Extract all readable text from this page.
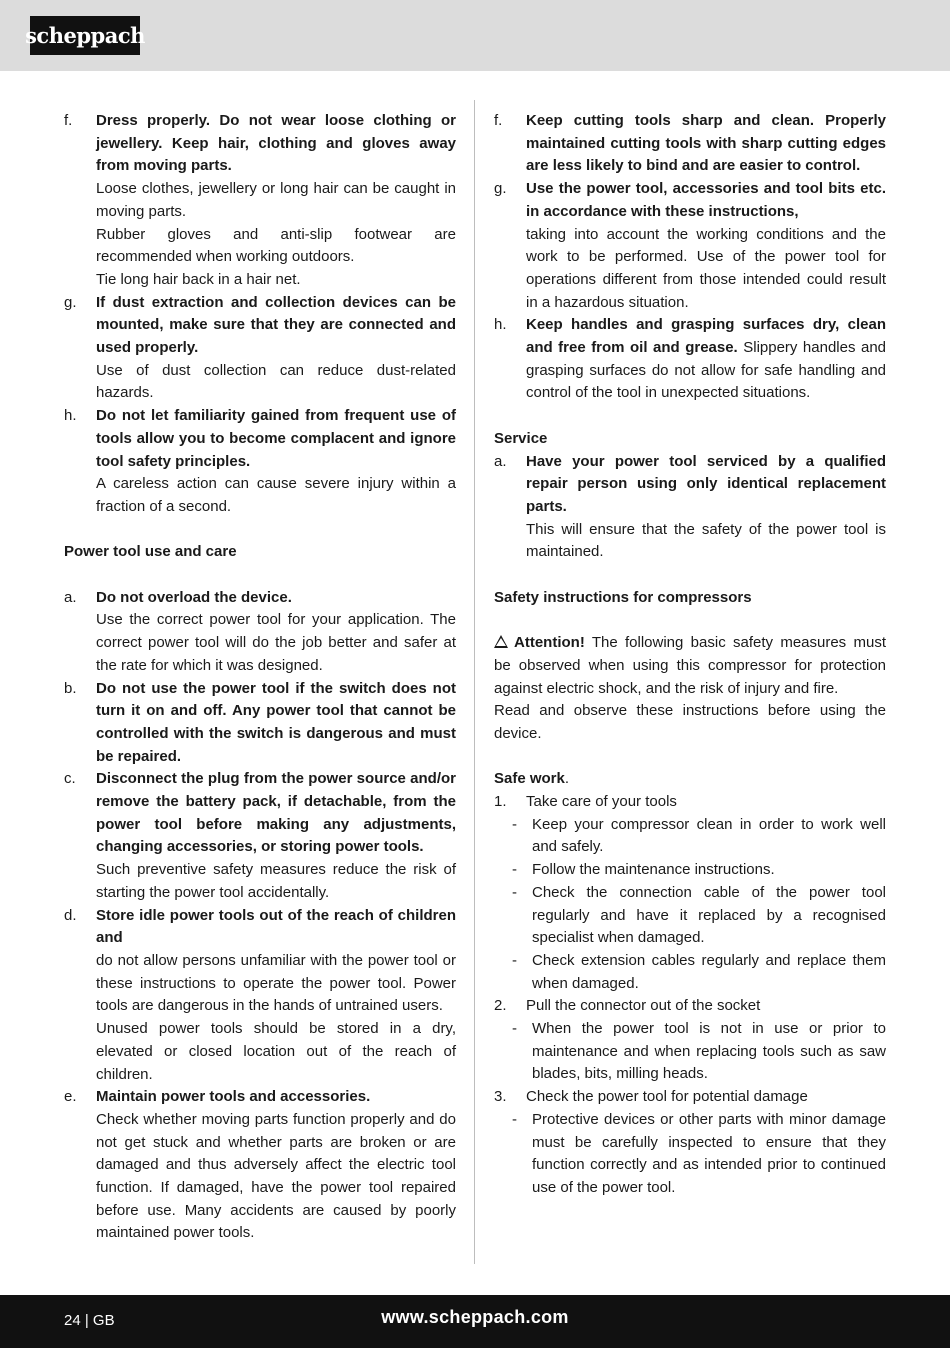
scheppach
f.	Dress properly. Do not wear loose clothing or jewellery. Keep hair, clothing and gloves away from moving parts.

Loose clothes, jewellery or long hair can be caught in moving parts.

Rubber gloves and anti-slip footwear are recommended when working outdoors.

Tie long hair back in a hair net.

g.	If dust extraction and collection devices can be mounted, make sure that they are connected and used properly.

Use of dust collection can reduce dust-related hazards.

h.	Do not let familiarity gained from frequent use of tools allow you to become complacent and ignore tool safety principles.

A careless action can cause severe injury within a fraction of a second.

Power tool use and care

a.	Do not overload the device.

Use the correct power tool for your application. The correct power tool will do the job better and safer at the rate for which it was designed.

b.	Do not use the power tool if the switch does not turn it on and off. Any power tool that cannot be controlled with the switch is dangerous and must be repaired.

c.	Disconnect the plug from the power source and/or remove the battery pack, if detachable, from the power tool before making any adjustments, changing accessories, or storing power tools.

Such preventive safety measures reduce the risk of starting the power tool accidentally.

d.	Store idle power tools out of the reach of children and

do not allow persons unfamiliar with the power tool or these instructions to operate the power tool. Power tools are dangerous in the hands of untrained users.

Unused power tools should be stored in a dry, elevated or closed location out of the reach of children.

e.	Maintain power tools and accessories.

Check whether moving parts function properly and do not get stuck and whether parts are broken or are damaged and thus adversely affect the electric tool function. If damaged, have the power tool repaired before use. Many accidents are caused by poorly maintained power tools.

f.	Keep cutting tools sharp and clean. Properly maintained cutting tools with sharp cutting edges are less likely to bind and are easier to control.

g.	Use the power tool, accessories and tool bits etc. in accordance with these instructions,

taking into account the working conditions and the work to be performed. Use of the power tool for operations different from those intended could result in a hazardous situation.

h.	Keep handles and grasping surfaces dry, clean and free from oil and grease. Slippery handles and grasping surfaces do not allow for safe handling and control of the tool in unexpected situations.

Service

a.	Have your power tool serviced by a qualified repair person using only identical replacement parts.

This will ensure that the safety of the power tool is maintained.

Safety instructions for compressors

Attention! The following basic safety measures must be observed when using this compressor for protection against electric shock, and the risk of injury and fire.

Read and observe these instructions before using the device.

Safe work.

1.	Take care of your tools

-	Keep your compressor clean in order to work well and safely.

-	Follow the maintenance instructions.

-	Check the connection cable of the power tool regularly and have it replaced by a recognised specialist when damaged.

-	Check extension cables regularly and replace them when damaged.

2.	Pull the connector out of the socket

-	When the power tool is not in use or prior to maintenance and when replacing tools such as saw blades, bits, milling heads.

3.	Check the power tool for potential damage

-	Protective devices or other parts with minor damage must be carefully inspected to ensure that they function correctly and as intended prior to continued use of the power tool.

24 | GB	www.scheppach.com
